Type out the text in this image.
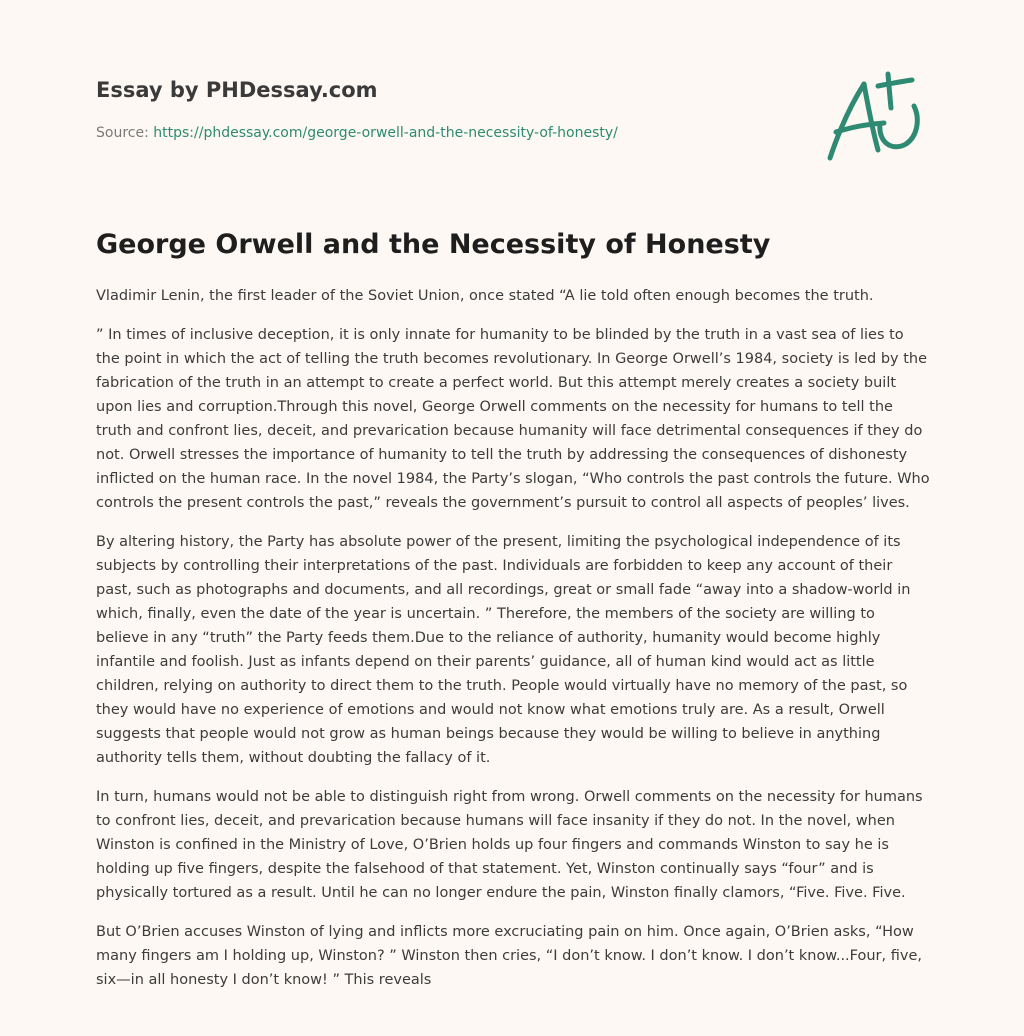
Essay by PHDessay.com
Source: https://phdessay.com/george-orwell-and-the-necessity-of-honesty/
George Orwell and the Necessity of Honesty

Vladimir Lenin, the first leader of the Soviet Union, once stated “A lie told often enough becomes the truth.

” In times of inclusive deception, it is only innate for humanity to be blinded by the truth in a vast sea of lies to the point in which the act of telling the truth becomes revolutionary. In George Orwell’s 1984, society is led by the fabrication of the truth in an attempt to create a perfect world. But this attempt merely creates a society built upon lies and corruption.Through this novel, George Orwell comments on the necessity for humans to tell the truth and confront lies, deceit, and prevarication because humanity will face detrimental consequences if they do not. Orwell stresses the importance of humanity to tell the truth by addressing the consequences of dishonesty inflicted on the human race. In the novel 1984, the Party’s slogan, “Who controls the past controls the future. Who controls the present controls the past,” reveals the government’s pursuit to control all aspects of peoples’ lives.

By altering history, the Party has absolute power of the present, limiting the psychological independence of its subjects by controlling their interpretations of the past. Individuals are forbidden to keep any account of their past, such as photographs and documents, and all recordings, great or small fade “away into a shadow-world in which, finally, even the date of the year is uncertain. ” Therefore, the members of the society are willing to believe in any “truth” the Party feeds them.Due to the reliance of authority, humanity would become highly infantile and foolish. Just as infants depend on their parents’ guidance, all of human kind would act as little children, relying on authority to direct them to the truth. People would virtually have no memory of the past, so they would have no experience of emotions and would not know what emotions truly are. As a result, Orwell suggests that people would not grow as human beings because they would be willing to believe in anything authority tells them, without doubting the fallacy of it.

In turn, humans would not be able to distinguish right from wrong. Orwell comments on the necessity for humans to confront lies, deceit, and prevarication because humans will face insanity if they do not. In the novel, when Winston is confined in the Ministry of Love, O’Brien holds up four fingers and commands Winston to say he is holding up five fingers, despite the falsehood of that statement. Yet, Winston continually says “four” and is physically tortured as a result. Until he can no longer endure the pain, Winston finally clamors, “Five. Five. Five.

But O’Brien accuses Winston of lying and inflicts more excruciating pain on him. Once again, O’Brien asks, “How many fingers am I holding up, Winston? ” Winston then cries, “I don’t know. I don’t know. I don’t know...Four, five, six—in all honesty I don’t know! ” This reveals
